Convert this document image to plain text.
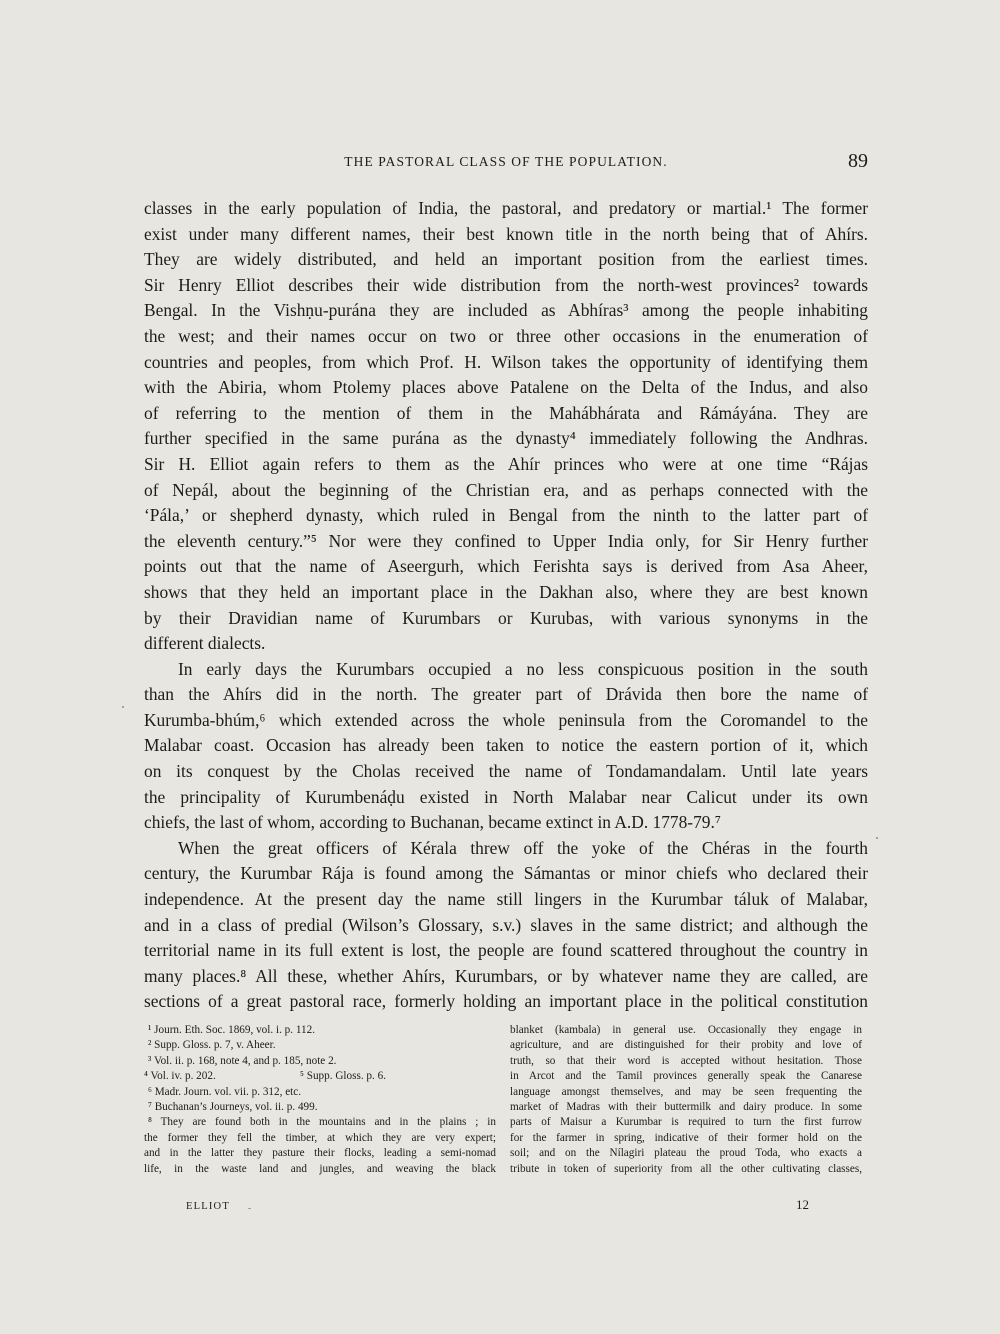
THE PASTORAL CLASS OF THE POPULATION.	89
classes in the early population of India, the pastoral, and predatory or martial.¹ The former
exist under many different names, their best known title in the north being that of Ahírs.
They are widely distributed, and held an important position from the earliest times.
Sir Henry Elliot describes their wide distribution from the north-west provinces² towards
Bengal. In the Vishṇu-purána they are included as Abhíras³ among the people inhabiting
the west; and their names occur on two or three other occasions in the enumeration of
countries and peoples, from which Prof. H. Wilson takes the opportunity of identifying them
with the Abiria, whom Ptolemy places above Patalene on the Delta of the Indus, and also
of referring to the mention of them in the Mahábhárata and Rámáyána. They are
further specified in the same purána as the dynasty⁴ immediately following the Andhras.
Sir H. Elliot again refers to them as the Ahír princes who were at one time “Rájas
of Nepál, about the beginning of the Christian era, and as perhaps connected with the
‘Pála,’ or shepherd dynasty, which ruled in Bengal from the ninth to the latter part of
the eleventh century.”⁵ Nor were they confined to Upper India only, for Sir Henry further
points out that the name of Aseergurh, which Ferishta says is derived from Asa Aheer,
shows that they held an important place in the Dakhan also, where they are best known
by their Dravidian name of Kurumbars or Kurubas, with various synonyms in the
different dialects.
In early days the Kurumbars occupied a no less conspicuous position in the south
than the Ahírs did in the north. The greater part of Drávida then bore the name of
Kurumba-bhúm,⁶ which extended across the whole peninsula from the Coromandel to the
Malabar coast. Occasion has already been taken to notice the eastern portion of it, which
on its conquest by the Cholas received the name of Tondamandalam. Until late years
the principality of Kurumbenáḍu existed in North Malabar near Calicut under its own
chiefs, the last of whom, according to Buchanan, became extinct in A.D. 1778-79.⁷
When the great officers of Kérala threw off the yoke of the Chéras in the fourth
century, the Kurumbar Rája is found among the Sámantas or minor chiefs who declared their
independence. At the present day the name still lingers in the Kurumbar táluk of Malabar,
and in a class of predial (Wilson’s Glossary, s.v.) slaves in the same district; and although the
territorial name in its full extent is lost, the people are found scattered throughout the country in
many places.⁸ All these, whether Ahírs, Kurumbars, or by whatever name they are called, are
sections of a great pastoral race, formerly holding an important place in the political constitution
¹ Journ. Eth. Soc. 1869, vol. i. p. 112.
² Supp. Gloss. p. 7, v. Aheer.
³ Vol. ii. p. 168, note 4, and p. 185, note 2.
⁴ Vol. iv. p. 202.	⁵ Supp. Gloss. p. 6.
⁶ Madr. Journ. vol. vii. p. 312, etc.
⁷ Buchanan’s Journeys, vol. ii. p. 499.
⁸ They are found both in the mountains and in the plains ; in
the former they fell the timber, at which they are very expert;
and in the latter they pasture their flocks, leading a semi-nomad
life, in the waste land and jungles, and weaving the black
blanket (kambala) in general use. Occasionally they engage in
agriculture, and are distinguished for their probity and love of
truth, so that their word is accepted without hesitation. Those
in Arcot and the Tamil provinces generally speak the Canarese
language amongst themselves, and may be seen frequenting the
market of Madras with their buttermilk and dairy produce. In some
parts of Maisur a Kurumbar is required to turn the first furrow
for the farmer in spring, indicative of their former hold on the
soil; and on the Nílagiri plateau the proud Toda, who exacts a
tribute in token of superiority from all the other cultivating classes,
ELLIOT	12
